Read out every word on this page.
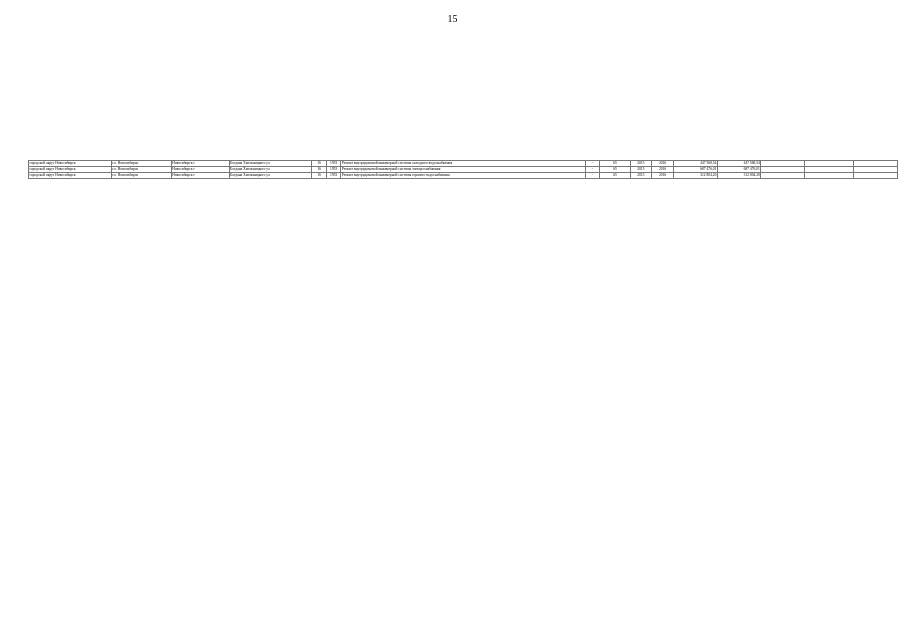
15
городской округ Новосибирск	г.о. Новосибирск	Новосибирск г	Богдана Хмельницкого ул	16	1953	Ремонт внутридомовой инженерной системы холодного водоснабжения	-	65	2015	2016	447 568,54	447 568,54			
городской округ Новосибирск	г.о. Новосибирск	Новосибирск г	Богдана Хмельницкого ул	16	1953	Ремонт внутридомовой инженерной системы электроснабжения	-	65	2015	2016	687 476,01	687 476,01			
городской округ Новосибирск	г.о. Новосибирск	Новосибирск г	Богдана Хмельницкого ул	16	1953	Ремонт внутридомовой инженерной системы горячего водоснабжения	-	65	2015	2016	312 804,20	312 804,20			
